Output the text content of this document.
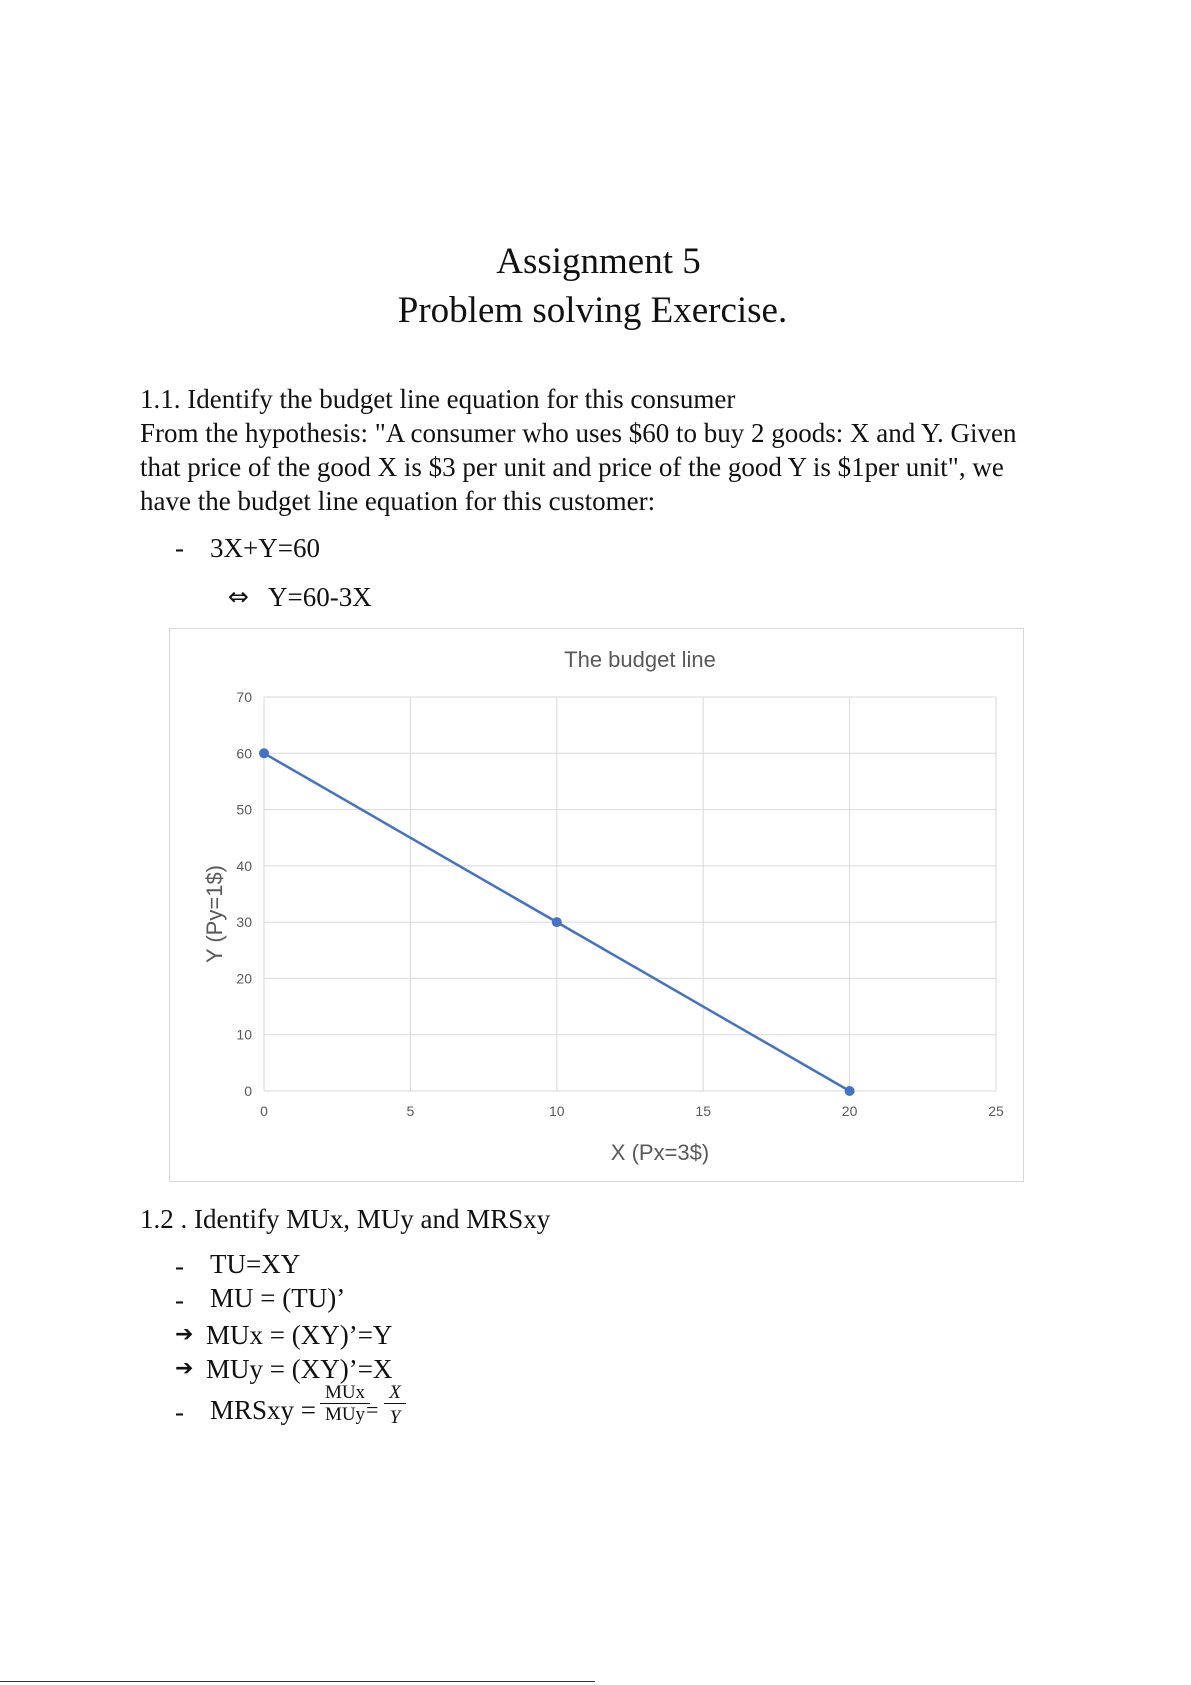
Assignment 5
Problem solving Exercise.
1.1. Identify the budget line equation for this consumer
From the hypothesis: "A consumer who uses $60 to buy 2 goods: X and Y. Given
that price of the good X is $3 per unit and price of the good Y is $1per unit", we
have the budget line equation for this customer:
- 3X+Y=60
⇔ Y=60-3X
The budget line
0
10
20
30
40
50
60
70
0	5	10	15	20	25
X (Px=3$)
Y (Py=1$)
1.2 . Identify MUx, MUy and MRSxy
- TU=XY
- MU = (TU)’
➔ MUx = (XY)’=Y
➔ MUy = (XY)’=X
- MRSxy =
MUx
MUy =
X
Y
